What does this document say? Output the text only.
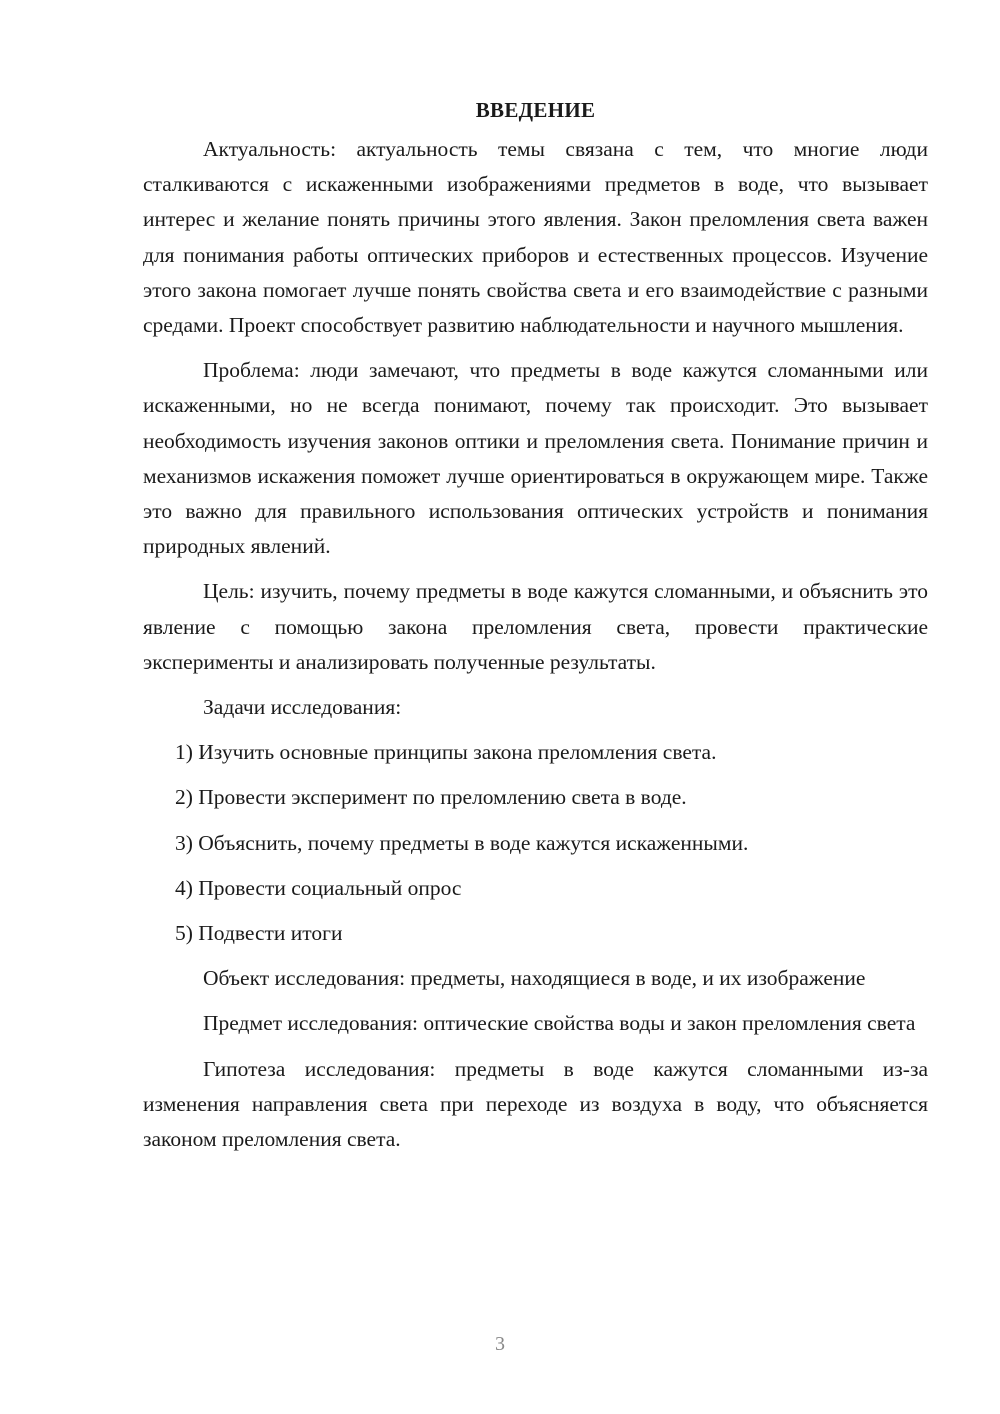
ВВЕДЕНИЕ

Актуальность: актуальность темы связана с тем, что многие люди сталкиваются с искаженными изображениями предметов в воде, что вызывает интерес и желание понять причины этого явления. Закон преломления света важен для понимания работы оптических приборов и естественных процессов. Изучение этого закона помогает лучше понять свойства света и его взаимодействие с разными средами. Проект способствует развитию наблюдательности и научного мышления.

Проблема: люди замечают, что предметы в воде кажутся сломанными или искаженными, но не всегда понимают, почему так происходит. Это вызывает необходимость изучения законов оптики и преломления света. Понимание причин и механизмов искажения поможет лучше ориентироваться в окружающем мире. Также это важно для правильного использования оптических устройств и понимания природных явлений.

Цель: изучить, почему предметы в воде кажутся сломанными, и объяснить это явление с помощью закона преломления света, провести практические эксперименты и анализировать полученные результаты.

Задачи исследования:

1) Изучить основные принципы закона преломления света.

2) Провести эксперимент по преломлению света в воде.

3) Объяснить, почему предметы в воде кажутся искаженными.

4) Провести социальный опрос

5) Подвести итоги

Объект исследования: предметы, находящиеся в воде, и их изображение

Предмет исследования: оптические свойства воды и закон преломления света

Гипотеза исследования: предметы в воде кажутся сломанными из-за изменения направления света при переходе из воздуха в воду, что объясняется законом преломления света.

3
